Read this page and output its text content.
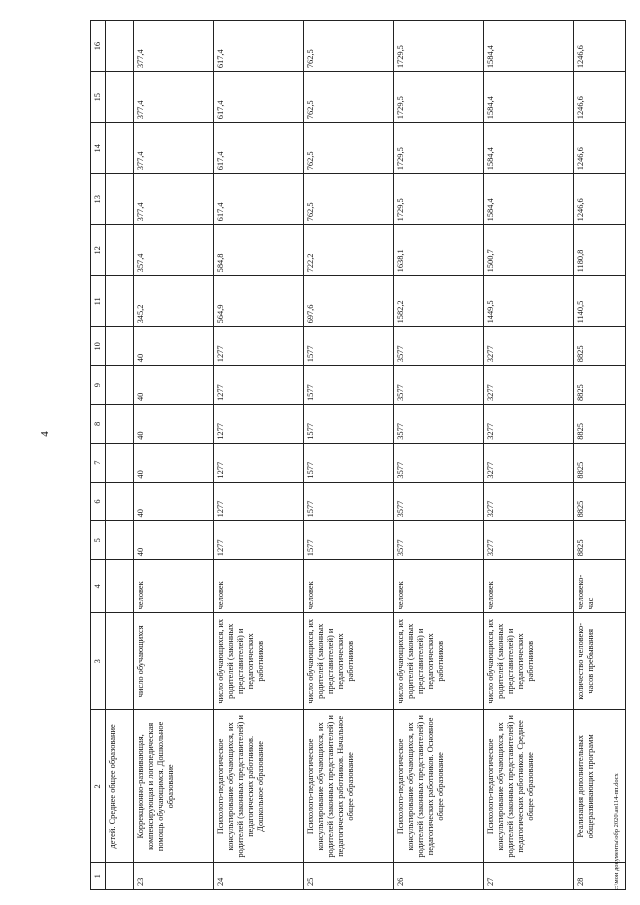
4
1	2	3	4	5	6	7	8	9	10	11	12	13	14	15	16
	детей. Среднее общее образование														
23	Коррекционно-развивающая, компенсирующая и логопедическая помощь обучающимся. Дошкольное образование	число обучающихся	человек	40	40	40	40	40	40	345,2	357,4	377,4	377,4	377,4	377,4
24	Психолого-педагогическое консультирование обучающихся, их родителей (законных представителей) и педагогических работников. Дошкольное образование	число обучающихся, их родителей (законных представителей) и педагогических работников	человек	1277	1277	1277	1277	1277	1277	564,9	584,8	617,4	617,4	617,4	617,4
25	Психолого-педагогическое консультирование обучающихся, их родителей (законных представителей) и педагогических работников. Начальное общее образование	число обучающихся, их родителей (законных представителей) и педагогических работников	человек	1577	1577	1577	1577	1577	1577	697,6	722,2	762,5	762,5	762,5	762,5
26	Психолого-педагогическое консультирование обучающихся, их родителей (законных представителей) и педагогических работников. Основное общее образование	число обучающихся, их родителей (законных представителей) и педагогических работников	человек	3577	3577	3577	3577	3577	3577	1582,2	1638,1	1729,5	1729,5	1729,5	1729,5
27	Психолого-педагогическое консультирование обучающихся, их родителей (законных представителей) и педагогических работников. Среднее общее образование	число обучающихся, их родителей (законных представителей) и педагогических работников	человек	3277	3277	3277	3277	3277	3277	1449,5	1500,7	1584,4	1584,4	1584,4	1584,4
28	Реализация дополнительных общеразвивающих программ	количество человеко-часов пребывания	человеко-час	8825	8825	8825	8825	8825	8825	1140,5	1180,8	1246,6	1246,6	1246,6	1246,6
c:\мои документы\обр 2020\ан114-пп.docx
